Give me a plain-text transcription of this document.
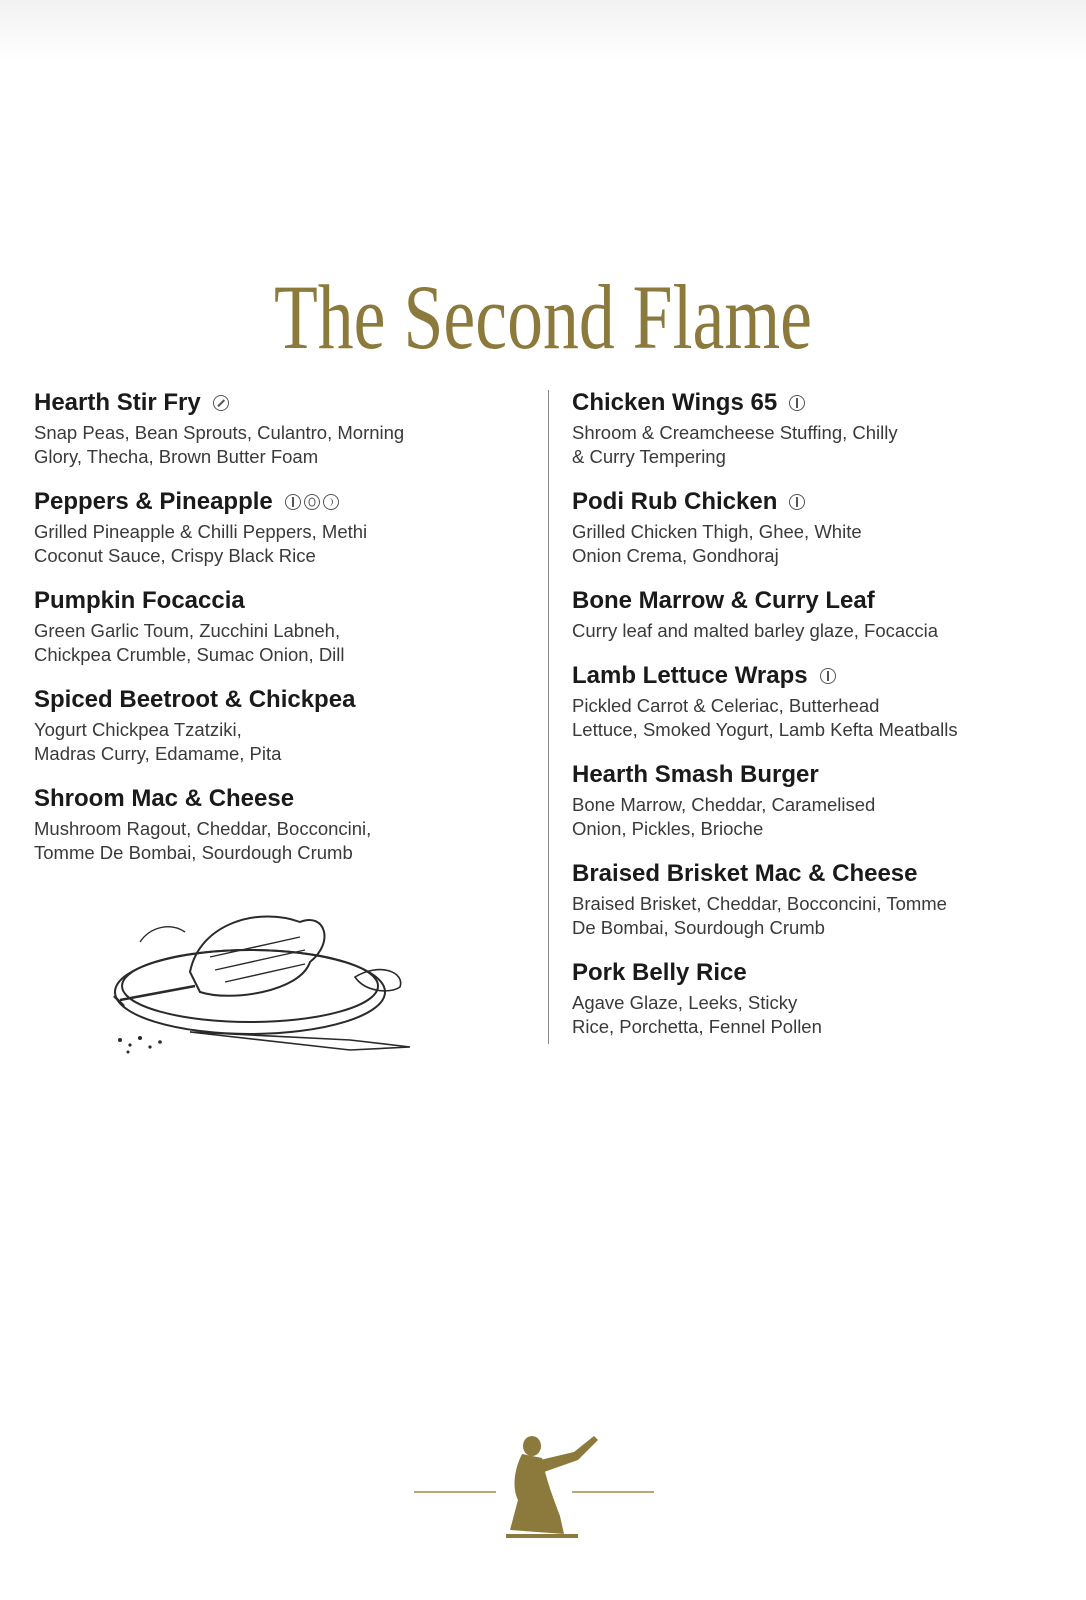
The Second Flame
Hearth Stir Fry
Snap Peas, Bean Sprouts, Culantro, Morning
Glory, Thecha, Brown Butter Foam
Peppers & Pineapple
Grilled Pineapple & Chilli Peppers, Methi
Coconut Sauce, Crispy Black Rice
Pumpkin Focaccia
Green Garlic Toum, Zucchini Labneh,
Chickpea Crumble, Sumac Onion, Dill
Spiced Beetroot & Chickpea
Yogurt Chickpea Tzatziki,
Madras Curry, Edamame, Pita
Shroom Mac & Cheese
Mushroom Ragout, Cheddar, Bocconcini,
Tomme De Bombai, Sourdough Crumb
Chicken Wings 65
Shroom & Creamcheese Stuffing, Chilly
& Curry Tempering
Podi Rub Chicken
Grilled Chicken Thigh, Ghee, White
Onion Crema, Gondhoraj
Bone Marrow & Curry Leaf
Curry leaf and malted barley glaze, Focaccia
Lamb Lettuce Wraps
Pickled Carrot & Celeriac, Butterhead
Lettuce, Smoked Yogurt, Lamb Kefta Meatballs
Hearth Smash Burger
Bone Marrow, Cheddar, Caramelised
Onion, Pickles, Brioche
Braised Brisket Mac & Cheese
Braised Brisket, Cheddar, Bocconcini, Tomme
De Bombai, Sourdough Crumb
Pork Belly Rice
Agave Glaze, Leeks, Sticky
Rice, Porchetta, Fennel Pollen
